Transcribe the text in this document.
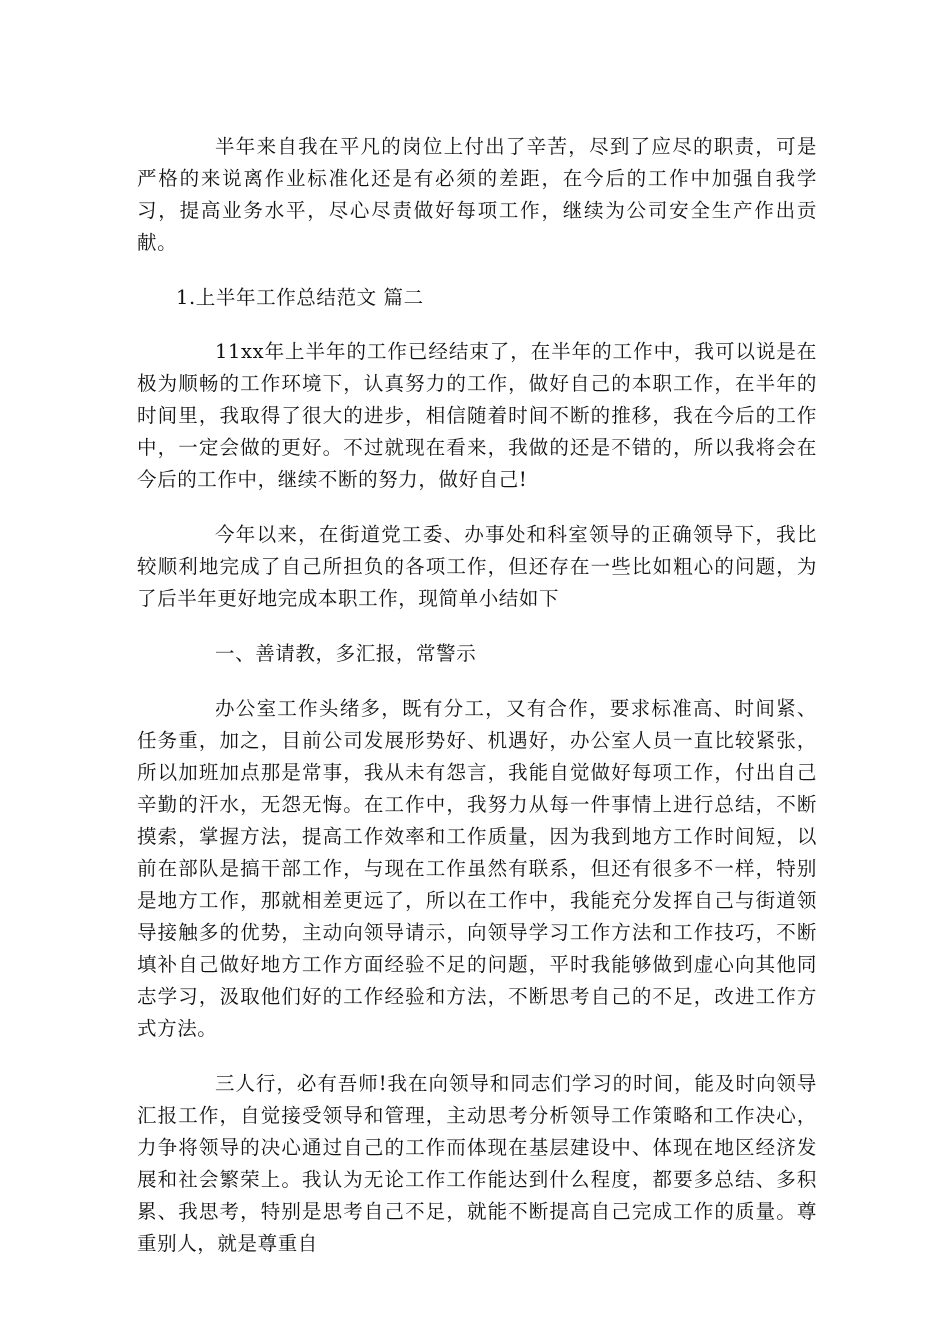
半年来自我在平凡的岗位上付出了辛苦，尽到了应尽的职责，可是严格的来说离作业标准化还是有必须的差距，在今后的工作中加强自我学习，提高业务水平，尽心尽责做好每项工作，继续为公司安全生产作出贡献。

1.上半年工作总结范文 篇二

11xx年上半年的工作已经结束了，在半年的工作中，我可以说是在极为顺畅的工作环境下，认真努力的工作，做好自己的本职工作，在半年的时间里，我取得了很大的进步，相信随着时间不断的推移，我在今后的工作中，一定会做的更好。不过就现在看来，我做的还是不错的，所以我将会在今后的工作中，继续不断的努力，做好自己!

今年以来，在街道党工委、办事处和科室领导的正确领导下，我比较顺利地完成了自己所担负的各项工作，但还存在一些比如粗心的问题，为了后半年更好地完成本职工作，现简单小结如下

一、善请教，多汇报，常警示

办公室工作头绪多，既有分工，又有合作，要求标准高、时间紧、任务重，加之，目前公司发展形势好、机遇好，办公室人员一直比较紧张，所以加班加点那是常事，我从未有怨言，我能自觉做好每项工作，付出自己辛勤的汗水，无怨无悔。在工作中，我努力从每一件事情上进行总结，不断摸索，掌握方法，提高工作效率和工作质量，因为我到地方工作时间短，以前在部队是搞干部工作，与现在工作虽然有联系，但还有很多不一样，特别是地方工作，那就相差更远了，所以在工作中，我能充分发挥自己与街道领导接触多的优势，主动向领导请示，向领导学习工作方法和工作技巧，不断填补自己做好地方工作方面经验不足的问题，平时我能够做到虚心向其他同志学习，汲取他们好的工作经验和方法，不断思考自己的不足，改进工作方式方法。

三人行，必有吾师!我在向领导和同志们学习的时间，能及时向领导汇报工作，自觉接受领导和管理，主动思考分析领导工作策略和工作决心，力争将领导的决心通过自己的工作而体现在基层建设中、体现在地区经济发展和社会繁荣上。我认为无论工作工作能达到什么程度，都要多总结、多积累、我思考，特别是思考自己不足，就能不断提高自己完成工作的质量。尊重别人，就是尊重自
